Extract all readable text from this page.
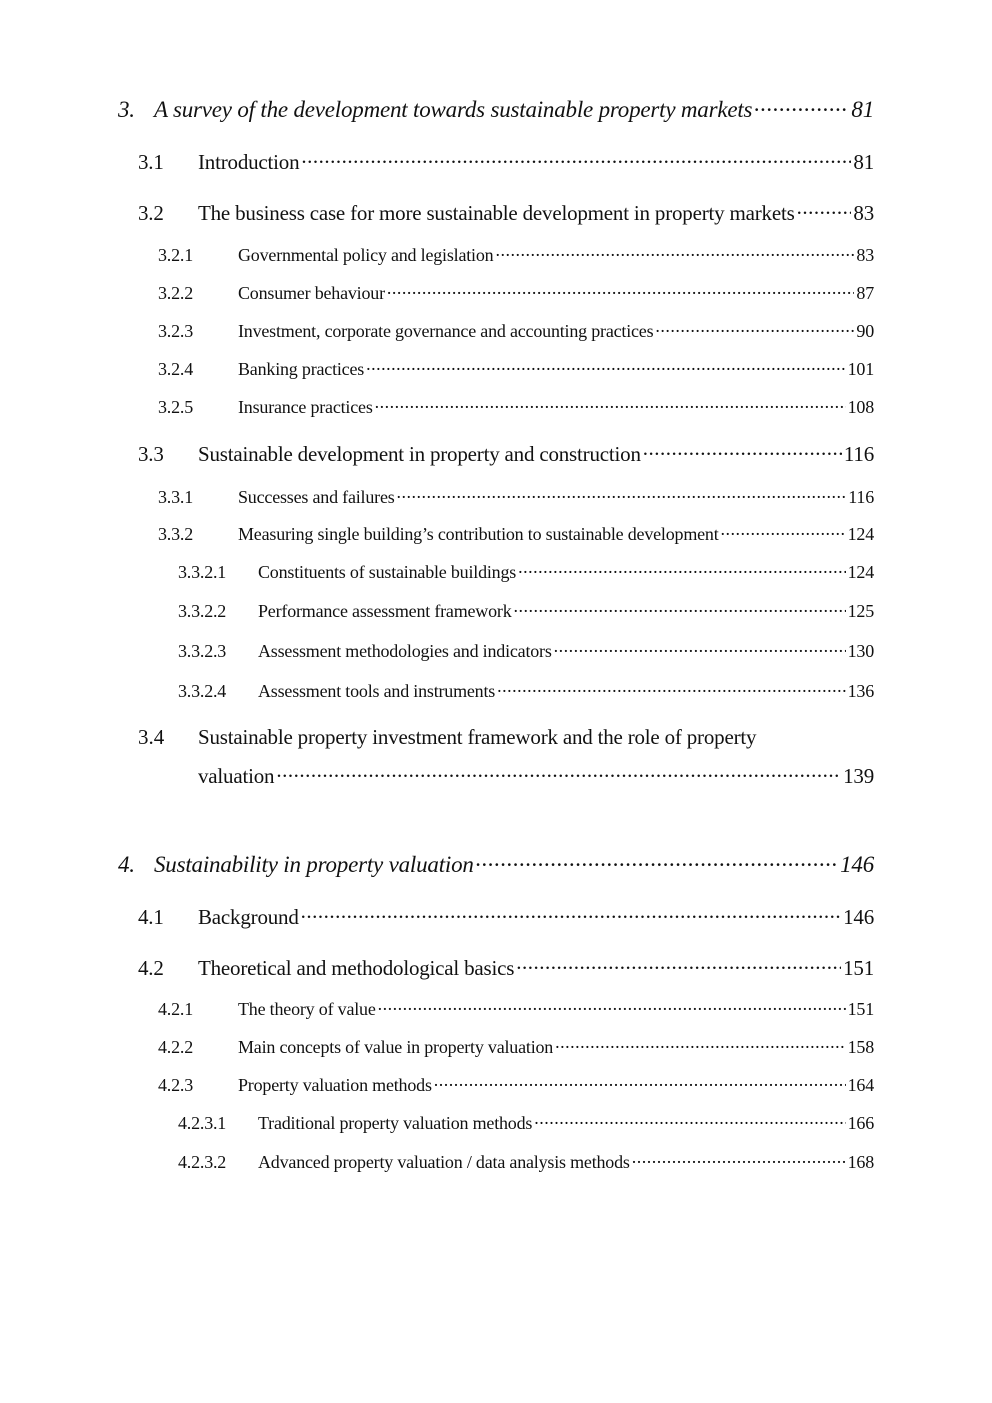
3. A survey of the development towards sustainable property markets .....	81
3.1	Introduction .....	81
3.2	The business case for more sustainable development in property markets .....	83
3.2.1	Governmental policy and legislation .....	83
3.2.2	Consumer behaviour .....	87
3.2.3	Investment, corporate governance and accounting practices .....	90
3.2.4	Banking practices .....	101
3.2.5	Insurance practices .....	108
3.3	Sustainable development in property and construction .....	116
3.3.1	Successes and failures .....	116
3.3.2	Measuring single building’s contribution to sustainable development .....	124
3.3.2.1	Constituents of sustainable buildings .....	124
3.3.2.2	Performance assessment framework .....	125
3.3.2.3	Assessment methodologies and indicators .....	130
3.3.2.4	Assessment tools and instruments .....	136
3.4 Sustainable property investment framework and the role of property
valuation .....	139
4. Sustainability in property valuation .....	146
4.1	Background .....	146
4.2	Theoretical and methodological basics .....	151
4.2.1	The theory of value .....	151
4.2.2	Main concepts of value in property valuation .....	158
4.2.3	Property valuation methods .....	164
4.2.3.1	Traditional property valuation methods .....	166
4.2.3.2	Advanced property valuation / data analysis methods .....	168
